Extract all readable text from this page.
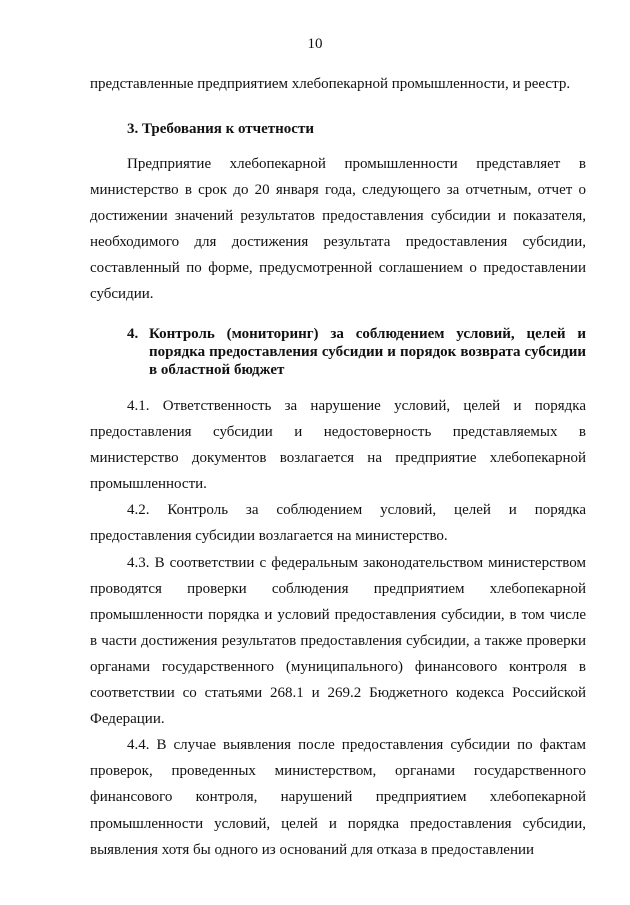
10
представленные предприятием хлебопекарной промышленности, и реестр.
3. Требования к отчетности

Предприятие хлебопекарной промышленности представляет в министерство в срок до 20 января года, следующего за отчетным, отчет о достижении значений результатов предоставления субсидии и показателя, необходимого для достижения результата предоставления субсидии, составленный по форме, предусмотренной соглашением о предоставлении субсидии.

4. Контроль (мониторинг) за соблюдением условий, целей и порядка предоставления субсидии и порядок возврата субсидии в областной бюджет

4.1. Ответственность за нарушение условий, целей и порядка предоставления субсидии и недостоверность представляемых в министерство документов возлагается на предприятие хлебопекарной промышленности.

4.2. Контроль за соблюдением условий, целей и порядка предоставления субсидии возлагается на министерство.

4.3. В соответствии с федеральным законодательством министерством проводятся проверки соблюдения предприятием хлебопекарной промышленности порядка и условий предоставления субсидии, в том числе в части достижения результатов предоставления субсидии, а также проверки органами государственного (муниципального) финансового контроля в соответствии со статьями 268.1 и 269.2 Бюджетного кодекса Российской Федерации.

4.4. В случае выявления после предоставления субсидии по фактам проверок, проведенных министерством, органами государственного финансового контроля, нарушений предприятием хлебопекарной промышленности условий, целей и порядка предоставления субсидии, выявления хотя бы одного из оснований для отказа в предоставлении
